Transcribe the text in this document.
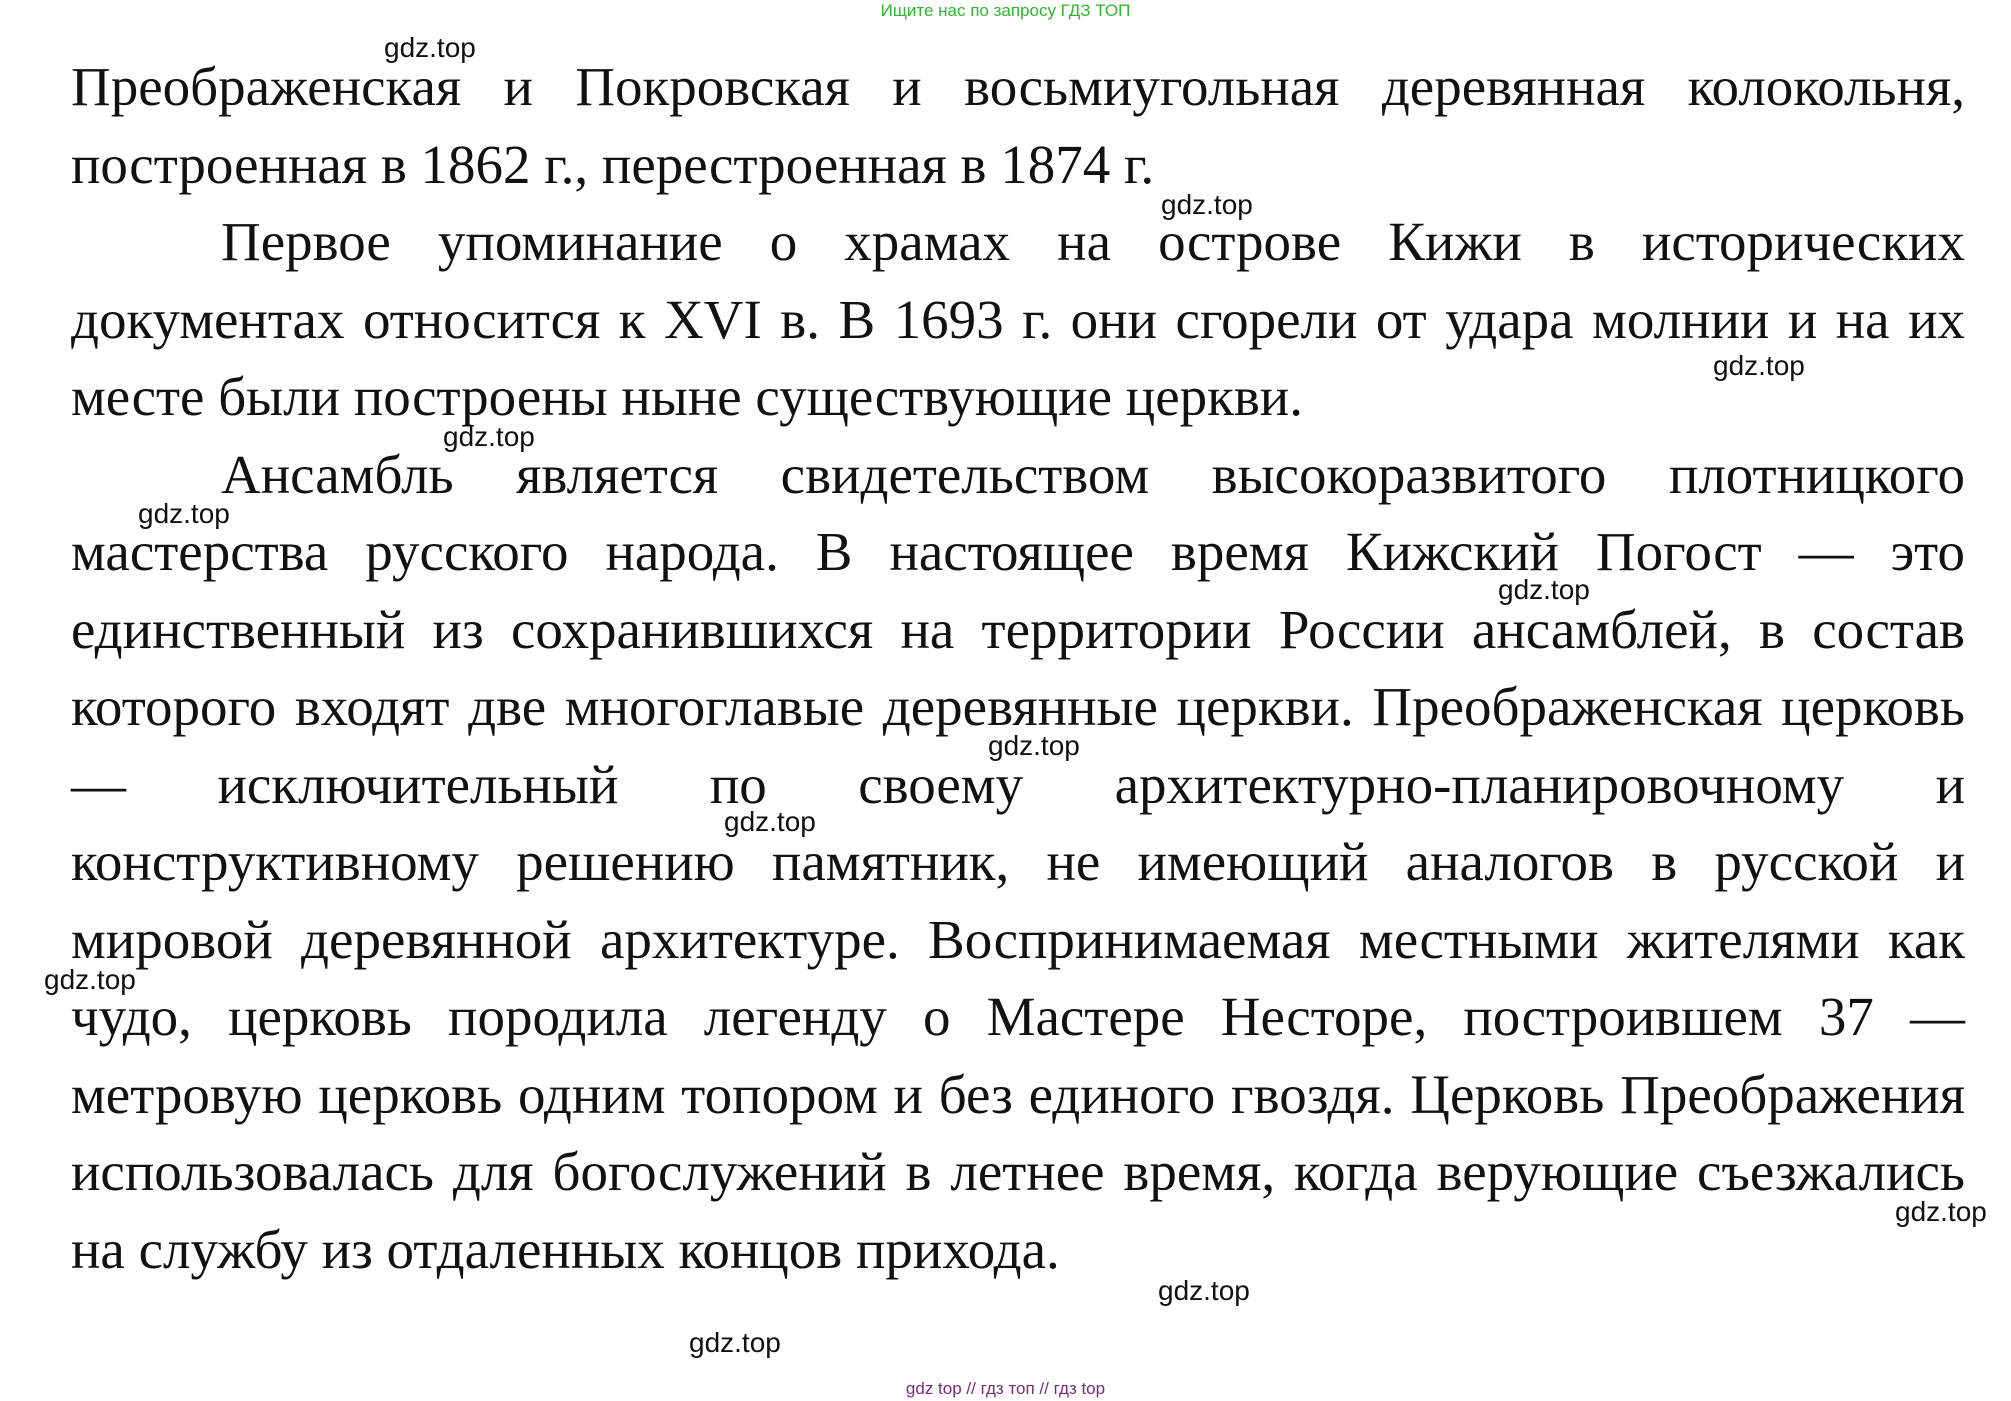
Ищите нас по запросу ГДЗ ТОП

Преображенская и Покровская и восьмиугольная деревянная колокольня, построенная в 1862 г., перестроенная в 1874 г.

Первое упоминание о храмах на острове Кижи в исторических документах относится к XVI в. В 1693 г. они сгорели от удара молнии и на их месте были построены ныне существующие церкви.

Ансамбль является свидетельством высокоразвитого плотницкого мастерства русского народа. В настоящее время Кижский Погост — это единственный из сохранившихся на территории России ансамблей, в состав которого входят две многоглавые деревянные церкви. Преображенская церковь — исключительный по своему архитектурно-планировочному и конструктивному решению памятник, не имеющий аналогов в русской и мировой деревянной архитектуре. Воспринимаемая местными жителями как чудо, церковь породила легенду о Мастере Несторе, построившем 37 — метровую церковь одним топором и без единого гвоздя. Церковь Преображения использовалась для богослужений в летнее время, когда верующие съезжались на службу из отдаленных концов прихода.

gdz.top
gdz.top
gdz.top
gdz.top
gdz.top
gdz.top
gdz.top
gdz.top
gdz.top
gdz.top
gdz.top
gdz.top
gdz top // гдз топ // гдз top
